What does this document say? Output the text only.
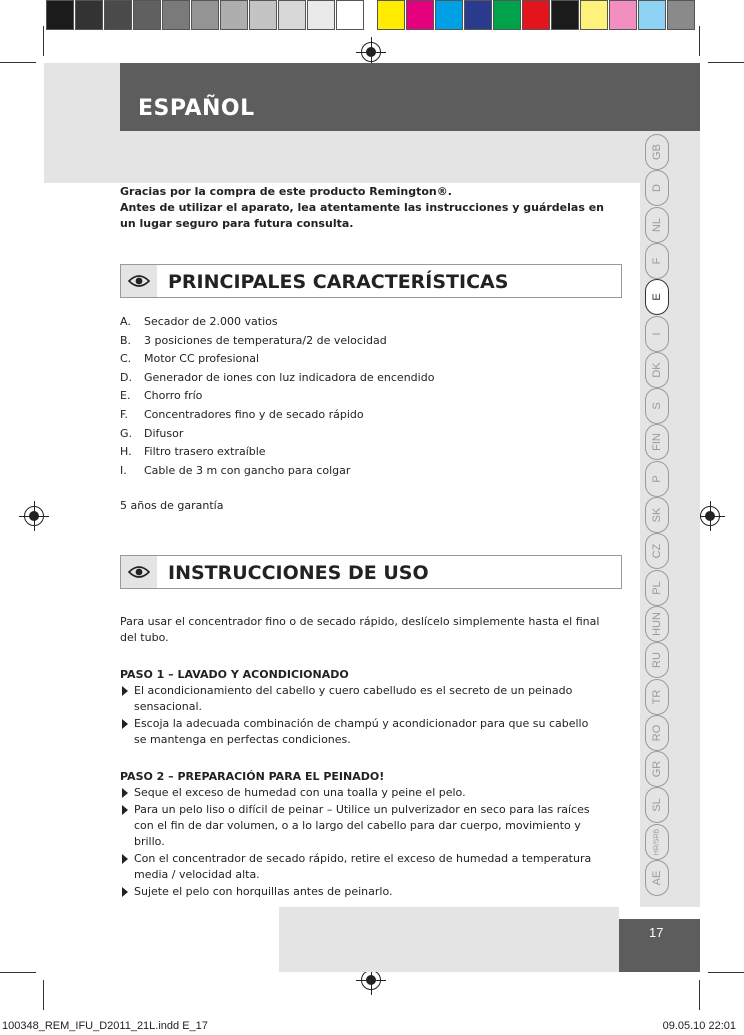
ESPAÑOL
GB
D
NL
F
E
I
DK
S
FIN
P
SK
CZ
PL
HUN
RU
TR
RO
GR
SL
HR/SRB
AE

Gracias por la compra de este producto Remington®.

Antes de utilizar el aparato, lea atentamente las instrucciones y guárdelas en un lugar seguro para futura consulta.

PRINCIPALES CARACTERÍSTICAS
A. Secador de 2.000 vatios
B. 3 posiciones de temperatura/2 de velocidad
C. Motor CC profesional
D. Generador de iones con luz indicadora de encendido
E. Chorro frío
F. Concentradores fino y de secado rápido
G. Difusor
H. Filtro trasero extraíble
I. Cable de 3 m con gancho para colgar
5 años de garantía
INSTRUCCIONES DE USO
Para usar el concentrador fino o de secado rápido, deslícelo simplemente hasta el final del tubo.

PASO 1 – LAVADO Y ACONDICIONADO

El acondicionamiento del cabello y cuero cabelludo es el secreto de un peinado sensacional.

Escoja la adecuada combinación de champú y acondicionador para que su cabello se mantenga en perfectas condiciones.

PASO 2 – PREPARACIÓN PARA EL PEINADO!

Seque el exceso de humedad con una toalla y peine el pelo.

Para un pelo liso o difícil de peinar – Utilice un pulverizador en seco para las raíces con el fin de dar volumen, o a lo largo del cabello para dar cuerpo, movimiento y brillo.

Con el concentrador de secado rápido, retire el exceso de humedad a temperatura media / velocidad alta.

Sujete el pelo con horquillas antes de peinarlo.

17
100348_REM_IFU_D2011_21L.indd E_17	09.05.10 22:01
